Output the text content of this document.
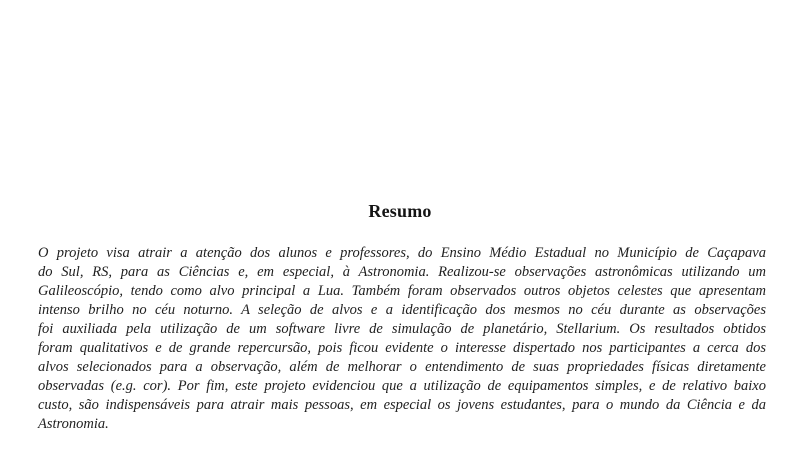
Resumo
O projeto visa atrair a atenção dos alunos e professores, do Ensino Médio Estadual no Município de Caçapava
do Sul, RS, para as Ciências e, em especial, à Astronomia. Realizou-se observações astronômicas utilizando um
Galileoscópio, tendo como alvo principal a Lua. Também foram observados outros objetos celestes que apresentam
intenso brilho no céu noturno. A seleção de alvos e a identificação dos mesmos no céu durante as observações
foi auxiliada pela utilização de um software livre de simulação de planetário, Stellarium. Os resultados obtidos
foram qualitativos e de grande repercursão, pois ficou evidente o interesse dispertado nos participantes a cerca dos
alvos selecionados para a observação, além de melhorar o entendimento de suas propriedades físicas diretamente
observadas (e.g. cor). Por fim, este projeto evidenciou que a utilização de equipamentos simples, e de relativo baixo
custo, são indispensáveis para atrair mais pessoas, em especial os jovens estudantes, para o mundo da Ciência e da
Astronomia.
